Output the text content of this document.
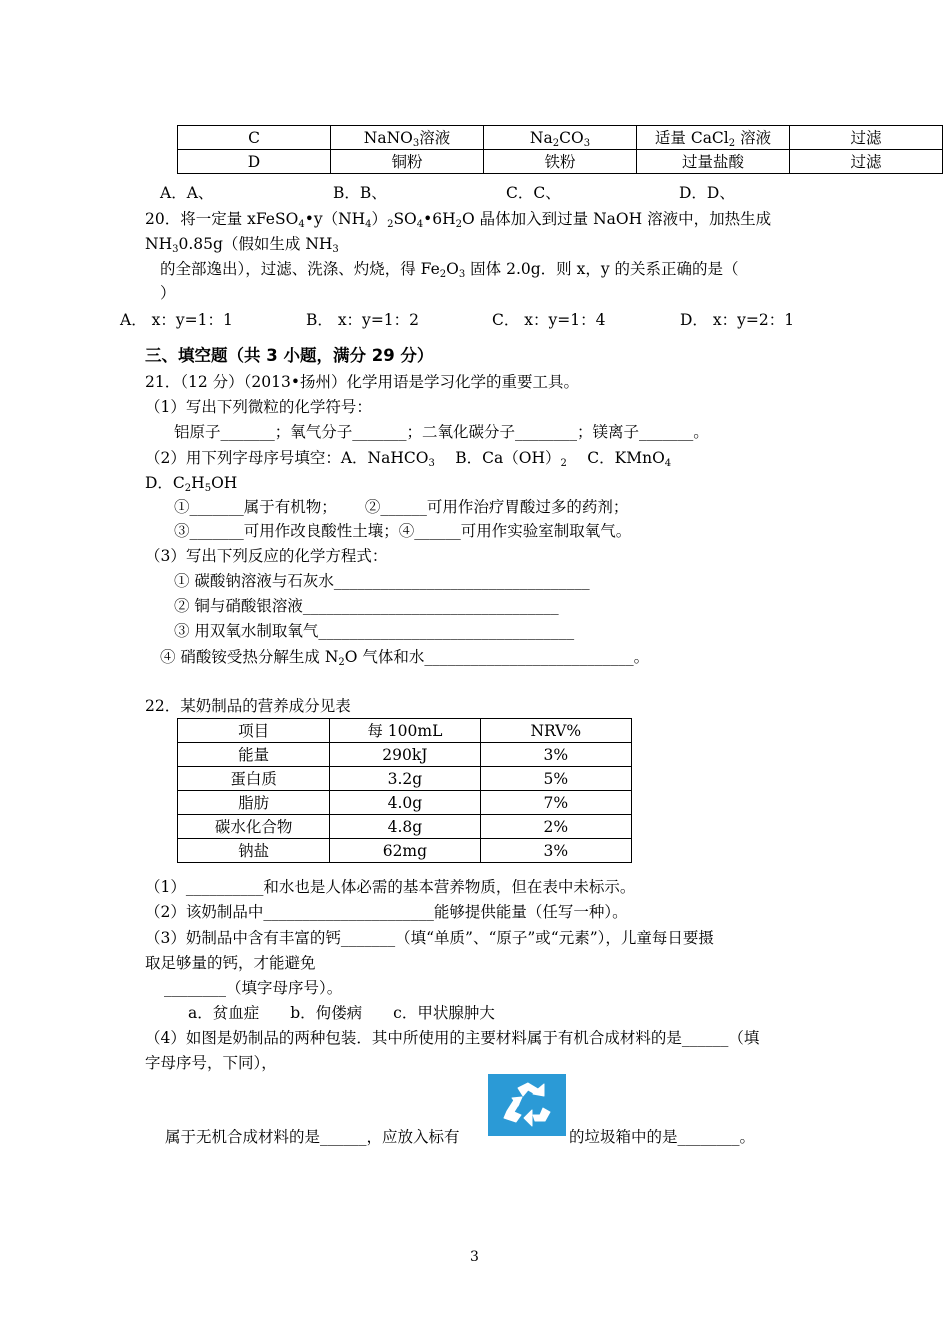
C	NaNO$_3$溶液	$Na_2CO_3$	适量 CaCl$_2$ 溶液	过滤
D	铜粉	铁粉	过量盐酸	过滤
A．A、	B．B、	C．C、	D．D、
20．将一定量 $xFeSO_4•y(NH_4)_2SO_4•6H_2O$ 晶体加入到过量 NaOH 溶液中，加热生成
$NH_30.85g$（假如生成 $NH_3$
的全部逸出），过滤、洗涤、灼烧，得 $Fe_2O_3$ 固体 2.0g．则 x，y 的关系正确的是（
）
A． x：y=1：1	B． x：y=1：2	C． x：y=1：4	D． x：y=2：1
三、填空题（共 3 小题，满分 29 分）
21．（12 分）（2013•扬州）化学用语是学习化学的重要工具。
（1）写出下列微粒的化学符号：
铝原子_______；氧气分子_______；二氧化碳分子________；镁离子_______。
（2）用下列字母序号填空：A．NaHCO$_3$　 B．$Ca(OH)_2$　 C．KMnO$_4$
D．$C_2H_5OH$
①_______属于有机物；　　 ②______可用作治疗胃酸过多的药剂；
③_______可用作改良酸性土壤；④______可用作实验室制取氧气。
（3）写出下列反应的化学方程式：
① 碳酸钠溶液与石灰水_________________________________
② 铜与硝酸银溶液_________________________________
③ 用双氧水制取氧气_________________________________
④ 硝酸铵受热分解生成 $N_2O$ 气体和水___________________________。
22．某奶制品的营养成分见表
项目	每 100mL	NRV%
能量	290kJ	3%
蛋白质	3.2g	5%
脂肪	4.0g	7%
碳水化合物	4.8g	2%
钠盐	62mg	3%
（1）__________和水也是人体必需的基本营养物质，但在表中未标示。
（2）该奶制品中______________________能够提供能量（任写一种）。
（3）奶制品中含有丰富的钙_______（填“单质”、“原子”或“元素”），儿童每日要摄
取足够量的钙，才能避免
________（填字母序号）。
a．贫血症　　b．佝偻病　　c．甲状腺肿大
（4）如图是奶制品的两种包装．其中所使用的主要材料属于有机合成材料的是______（填
字母序号，下同），
属于无机合成材料的是______，应放入标有	的垃圾箱中的是________。
3
